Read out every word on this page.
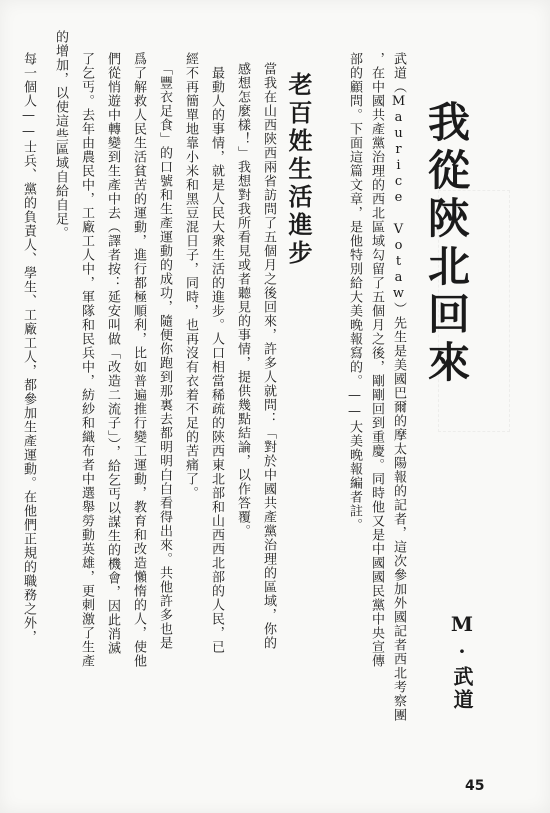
我從陝北回來
M·武道
武道（Maurice Votaw）先生是美國巴爾的摩太陽報的記者，這次參加外國記者西北考察團
，在中國共產黨治理的西北區域勾留了五個月之後，剛剛回到重慶。同時他又是中國國民黨中央宣傳
部的顧問。下面這篇文章，是他特別給大美晚報寫的。——大美晚報編者註。
老百姓生活進步
當我在山西陝西兩省訪問了五個月之後回來，許多人就問：「對於中國共產黨治理的區域，你的
感想怎麼樣！」我想對我所看見或者聽見的事情，提供幾點結論，以作答覆。
最動人的事情，就是人民大衆生活的進步。人口相當稀疏的陝西東北部和山西西北部的人民，已
經不再簡單地靠小米和黑豆混日子，同時，也再沒有衣着不足的苦痛了。
「豐衣足食」的口號和生產運動的成功，隨便你跑到那裏去都明明白白看得出來。共他許多也是
爲了解救人民生活貧苦的運動，進行都極順利，比如普遍推行變工運動，教育和改造懶惰的人，使他
們從悄遊中轉變到生產中去（譯者按：延安叫做「改造二流子」），給乞丐以謀生的機會，因此消滅
了乞丐。去年由農民中，工廠工人中，軍隊和民兵中，紡紗和織布者中選舉勞動英雄，更刺激了生產
的增加，以使這些區域自給自足。
每一個人——士兵、黨的負責人、學生、工廠工人，都參加生產運動。在他們正規的職務之外，
45
